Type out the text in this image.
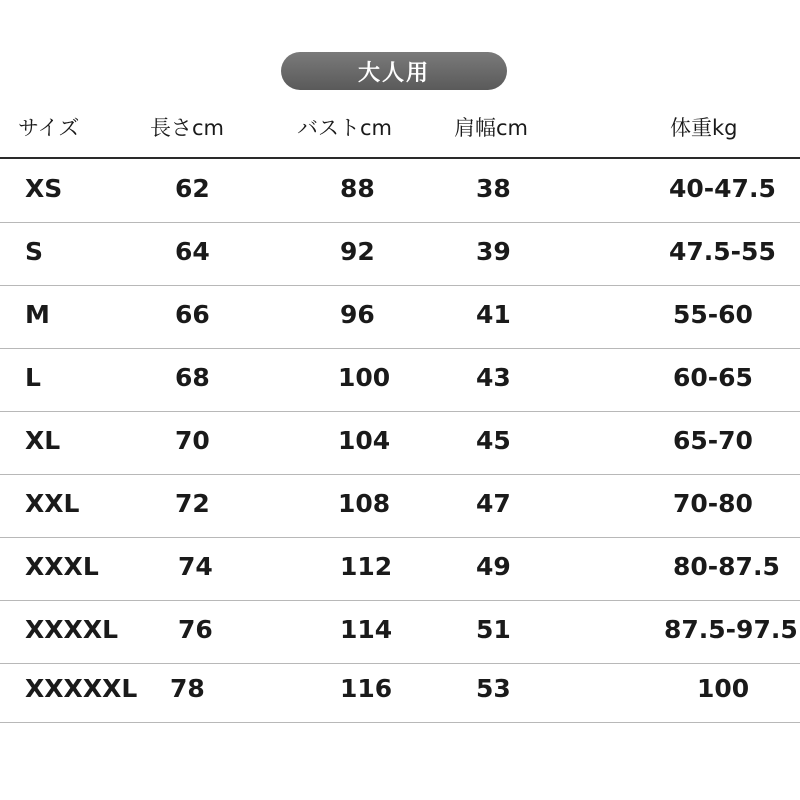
大人用
サイズ	長さcm	バストcm	肩幅cm	体重kg
XS	62	88	38	40-47.5
S	64	92	39	47.5-55
M	66	96	41	55-60
L	68	100	43	60-65
XL	70	104	45	65-70
XXL	72	108	47	70-80
XXXL	74	112	49	80-87.5
XXXXL 76	114	51	87.5-97.5
XXXXXL 78	116	53	100
